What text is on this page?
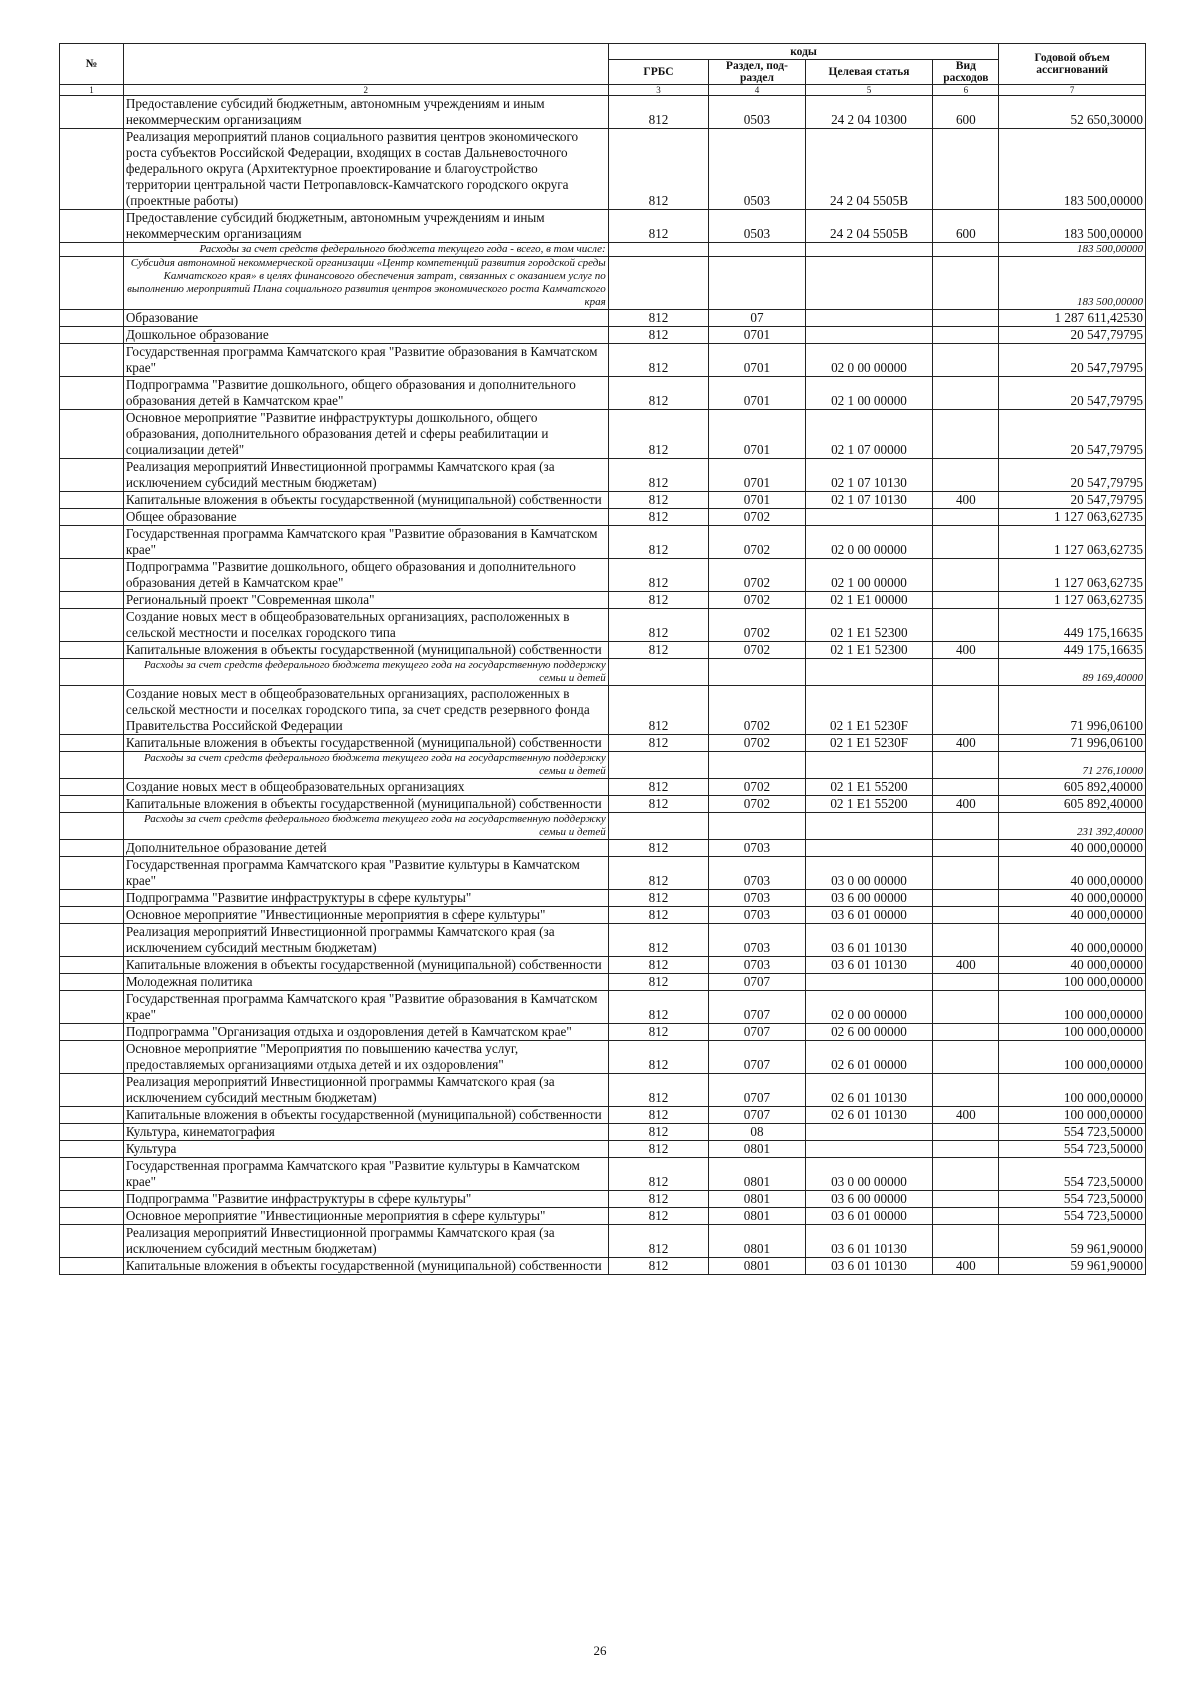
№		коды				Годовой объем ассигнований
		ГРБС	Раздел, под-раздел	Целевая статья	Вид расходов	
1	2	3	4	5	6	7
	Предоставление субсидий бюджетным, автономным учреждениям и иным некоммерческим организациям	812	0503	24 2 04 10300	600	52 650,30000
	Реализация мероприятий планов социального развития центров экономического роста субъектов Российской Федерации, входящих в состав Дальневосточного федерального округа (Архитектурное проектирование и благоустройство территории центральной части Петропавловск-Камчатского городского округа (проектные работы)	812	0503	24 2 04 5505В		183 500,00000
	Предоставление субсидий бюджетным, автономным учреждениям и иным некоммерческим организациям	812	0503	24 2 04 5505В	600	183 500,00000
	Расходы за счет средств федерального бюджета текущего года - всего, в том числе:					183 500,00000
	Субсидия автономной некоммерческой организации «Центр компетенций развития городской среды Камчатского края» в целях финансового обеспечения затрат, связанных с оказанием услуг по выполнению мероприятий Плана социального развития центров экономического роста Камчатского края					183 500,00000
	Образование	812	07			1 287 611,42530
	Дошкольное образование	812	0701			20 547,79795
	Государственная программа Камчатского края "Развитие образования в Камчатском крае"	812	0701	02 0 00 00000		20 547,79795
	Подпрограмма "Развитие дошкольного, общего образования и дополнительного образования детей в Камчатском крае"	812	0701	02 1 00 00000		20 547,79795
	Основное мероприятие "Развитие инфраструктуры дошкольного, общего образования, дополнительного образования детей и сферы реабилитации и социализации детей"	812	0701	02 1 07 00000		20 547,79795
	Реализация мероприятий Инвестиционной программы Камчатского края (за исключением субсидий местным бюджетам)	812	0701	02 1 07 10130		20 547,79795
	Капитальные вложения в объекты государственной (муниципальной) собственности	812	0701	02 1 07 10130	400	20 547,79795
	Общее образование	812	0702			1 127 063,62735
	Государственная программа Камчатского края "Развитие образования в Камчатском крае"	812	0702	02 0 00 00000		1 127 063,62735
	Подпрограмма "Развитие дошкольного, общего образования и дополнительного образования детей в Камчатском крае"	812	0702	02 1 00 00000		1 127 063,62735
	Региональный проект "Современная школа"	812	0702	02 1 E1 00000		1 127 063,62735
	Создание новых мест в общеобразовательных организациях, расположенных в сельской местности и поселках городского типа	812	0702	02 1 E1 52300		449 175,16635
	Капитальные вложения в объекты государственной (муниципальной) собственности	812	0702	02 1 E1 52300	400	449 175,16635
	Расходы за счет средств федерального бюджета текущего года на государственную поддержку семьи и детей					89 169,40000
	Создание новых мест в общеобразовательных организациях, расположенных в сельской местности и поселках городского типа, за счет средств резервного фонда Правительства Российской Федерации	812	0702	02 1 E1 5230F		71 996,06100
	Капитальные вложения в объекты государственной (муниципальной) собственности	812	0702	02 1 E1 5230F	400	71 996,06100
	Расходы за счет средств федерального бюджета текущего года на государственную поддержку семьи и детей					71 276,10000
	Создание новых мест в общеобразовательных организациях	812	0702	02 1 E1 55200		605 892,40000
	Капитальные вложения в объекты государственной (муниципальной) собственности	812	0702	02 1 E1 55200	400	605 892,40000
	Расходы за счет средств федерального бюджета текущего года на государственную поддержку семьи и детей					231 392,40000
	Дополнительное образование детей	812	0703			40 000,00000
	Государственная программа Камчатского края "Развитие культуры в Камчатском крае"	812	0703	03 0 00 00000		40 000,00000
	Подпрограмма "Развитие инфраструктуры в сфере культуры"	812	0703	03 6 00 00000		40 000,00000
	Основное мероприятие "Инвестиционные мероприятия в сфере культуры"	812	0703	03 6 01 00000		40 000,00000
	Реализация мероприятий Инвестиционной программы Камчатского края (за исключением субсидий местным бюджетам)	812	0703	03 6 01 10130		40 000,00000
	Капитальные вложения в объекты государственной (муниципальной) собственности	812	0703	03 6 01 10130	400	40 000,00000
	Молодежная политика	812	0707			100 000,00000
	Государственная программа Камчатского края "Развитие образования в Камчатском крае"	812	0707	02 0 00 00000		100 000,00000
	Подпрограмма "Организация отдыха и оздоровления детей в Камчатском крае"	812	0707	02 6 00 00000		100 000,00000
	Основное мероприятие "Мероприятия по повышению качества услуг, предоставляемых организациями отдыха детей и их оздоровления"	812	0707	02 6 01 00000		100 000,00000
	Реализация мероприятий Инвестиционной программы Камчатского края (за исключением субсидий местным бюджетам)	812	0707	02 6 01 10130		100 000,00000
	Капитальные вложения в объекты государственной (муниципальной) собственности	812	0707	02 6 01 10130	400	100 000,00000
	Культура, кинематография	812	08			554 723,50000
	Культура	812	0801			554 723,50000
	Государственная программа Камчатского края "Развитие культуры в Камчатском крае"	812	0801	03 0 00 00000		554 723,50000
	Подпрограмма "Развитие инфраструктуры в сфере культуры"	812	0801	03 6 00 00000		554 723,50000
	Основное мероприятие "Инвестиционные мероприятия в сфере культуры"	812	0801	03 6 01 00000		554 723,50000
	Реализация мероприятий Инвестиционной программы Камчатского края (за исключением субсидий местным бюджетам)	812	0801	03 6 01 10130		59 961,90000
	Капитальные вложения в объекты государственной (муниципальной) собственности	812	0801	03 6 01 10130	400	59 961,90000
26
